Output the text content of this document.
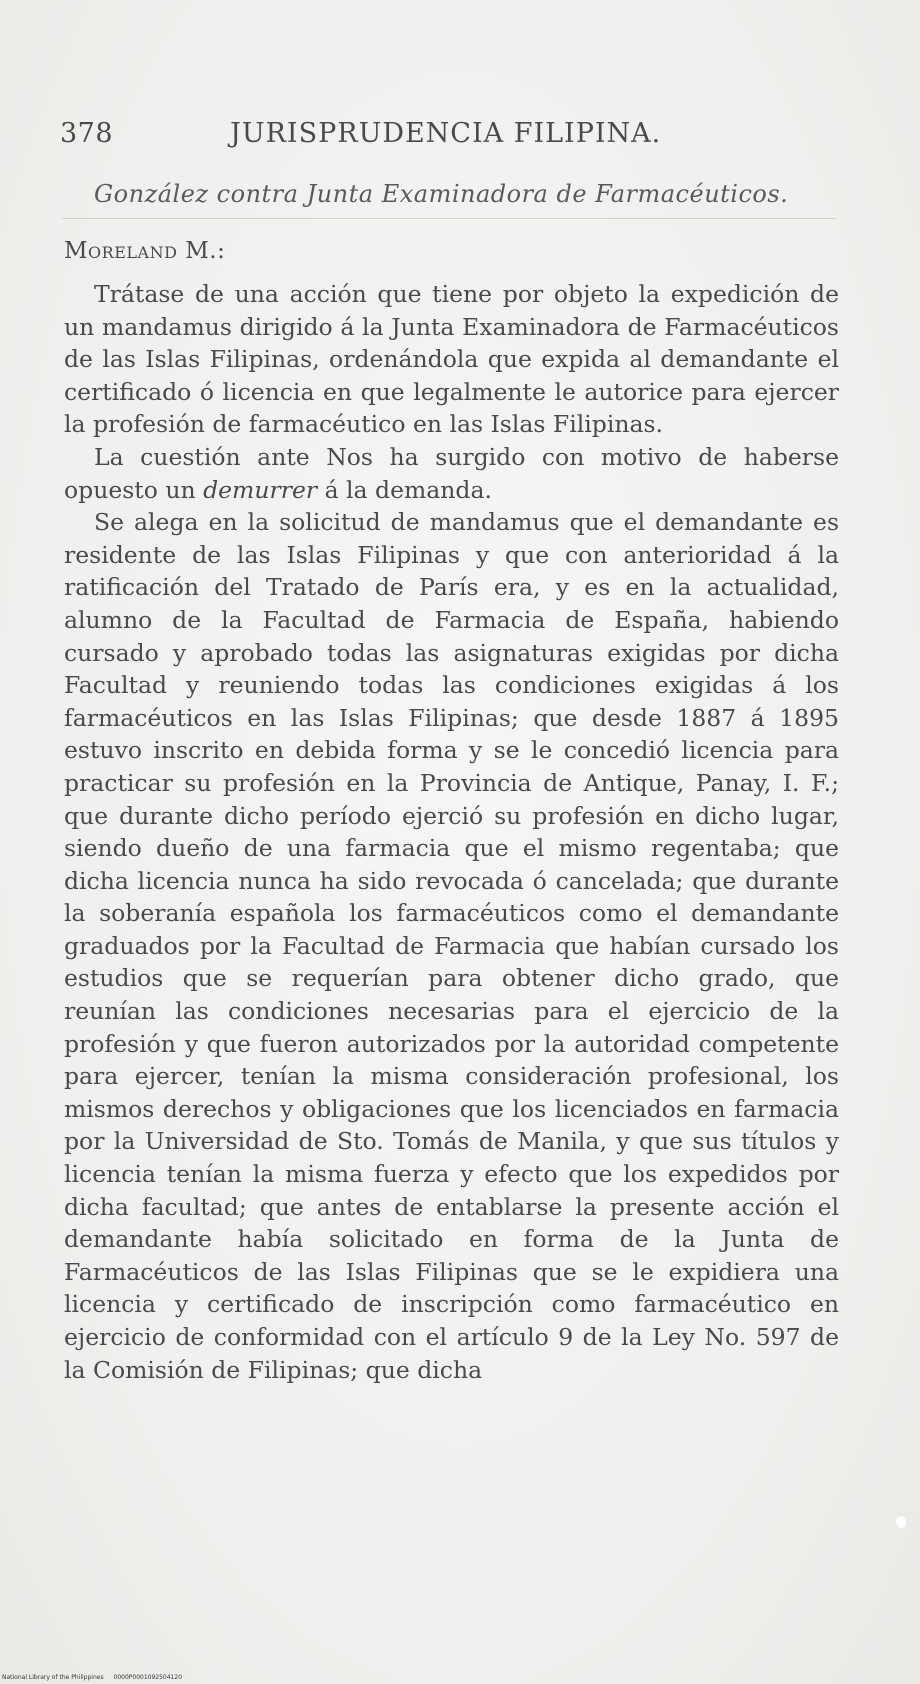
378	JURISPRUDENCIA FILIPINA.
González contra Junta Examinadora de Farmacéuticos.
Moreland M.:

Trátase de una acción que tiene por objeto la expedición de un mandamus dirigido á la Junta Examinadora de Farmacéuticos de las Islas Filipinas, ordenándola que expida al demandante el certificado ó licencia en que legalmente le autorice para ejercer la profesión de farmacéutico en las Islas Filipinas.

La cuestión ante Nos ha surgido con motivo de haberse opuesto un demurrer á la demanda.

Se alega en la solicitud de mandamus que el demandante es residente de las Islas Filipinas y que con anterioridad á la ratificación del Tratado de París era, y es en la actualidad, alumno de la Facultad de Farmacia de España, habiendo cursado y aprobado todas las asignaturas exigidas por dicha Facultad y reuniendo todas las condiciones exigidas á los farmacéuticos en las Islas Filipinas; que desde 1887 á 1895 estuvo inscrito en debida forma y se le concedió licencia para practicar su profesión en la Provincia de Antique, Panay, I. F.; que durante dicho período ejerció su profesión en dicho lugar, siendo dueño de una farmacia que el mismo regentaba; que dicha licencia nunca ha sido revocada ó cancelada; que durante la soberanía española los farmacéuticos como el demandante graduados por la Facultad de Farmacia que habían cursado los estudios que se requerían para obtener dicho grado, que reunían las condiciones necesarias para el ejercicio de la profesión y que fueron autorizados por la autoridad competente para ejercer, tenían la misma consideración profesional, los mismos derechos y obligaciones que los licenciados en farmacia por la Universidad de Sto. Tomás de Manila, y que sus títulos y licencia tenían la misma fuerza y efecto que los expedidos por dicha facultad; que antes de entablarse la presente acción el demandante había solicitado en forma de la Junta de Farmacéuticos de las Islas Filipinas que se le expidiera una licencia y certificado de inscripción como farmacéutico en ejercicio de conformidad con el artículo 9 de la Ley No. 597 de la Comisión de Filipinas; que dicha

National Library of the Philippines 0000P0001092504120
